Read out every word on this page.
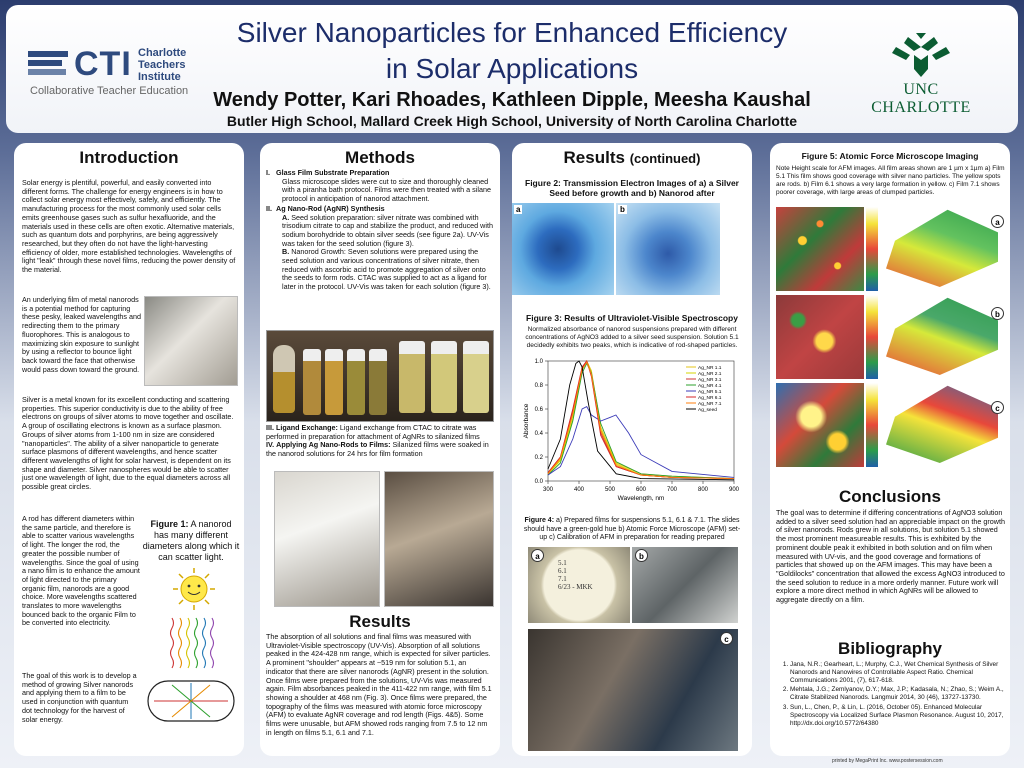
CTI Charlotte Teachers Institute
Collaborative Teacher Education
Silver Nanoparticles for Enhanced Efficiency
in Solar Applications
Wendy Potter, Kari Rhoades, Kathleen Dipple, Meesha Kaushal
Butler High School, Mallard Creek High School, University of North Carolina Charlotte
UNC CHARLOTTE
Introduction
Solar energy is plentiful, powerful, and easily converted into different forms. The challenge for energy engineers is in how to collect solar energy most effectively, safely, and efficiently. The manufacturing process for the most commonly used solar cells emits greenhouse gases such as sulfur hexafluoride, and the materials used in these cells are often exotic. Alternative materials, such as quantum dots and porphyrins, are being aggressively researched, but they often do not have the light-harvesting efficiency of older, more established technologies. Wavelengths of light "leak" through these novel films, reducing the power density of the material.
An underlying film of metal nanorods is a potential method for capturing these pesky, leaked wavelengths and redirecting them to the primary fluorophores. This is analogous to maximizing skin exposure to sunlight by using a reflector to bounce light back toward the face that otherwise would pass down toward the ground.
Silver is a metal known for its excellent conducting and scattering properties. This superior conductivity is due to the ability of free electrons on groups of silver atoms to move together and oscillate. A group of oscillating electrons is known as a surface plasmon. Groups of silver atoms from 1-100 nm in size are considered "nanoparticles". The ability of a silver nanoparticle to generate surface plasmons of different wavelengths, and hence scatter different wavelengths of light for solar harvest, is dependent on its shape and diameter. Silver nanospheres would be able to scatter just one wavelength of light, due to the equal diameters across all possible great circles.
A rod has different diameters within the same particle, and therefore is able to scatter various wavelengths of light. The longer the rod, the greater the possible number of wavelengths. Since the goal of using a nano film is to enhance the amount of light directed to the primary organic film, nanorods are a good choice. More wavelengths scattered translates to more wavelengths bounced back to the organic Film to be converted into electricity.
Figure 1: A nanorod has many different diameters along which it can scatter light.
The goal of this work is to develop a method of growing Silver nanorods and applying them to a film to be used in conjunction with quantum dot technology for the harvest of solar energy.
Methods
I. Glass Film Substrate Preparation
Glass microscope slides were cut to size and thoroughly cleaned with a piranha bath protocol. Films were then treated with a silane protocol in anticipation of nanorod attachment.
II. Ag Nano-Rod (AgNR) Synthesis
A. Seed solution preparation: silver nitrate was combined with trisodium citrate to cap and stabilize the product, and reduced with sodium borohydride to obtain silver seeds (see figure 2a). UV-Vis was taken for the seed solution (figure 3).
B. Nanorod Growth: Seven solutions were prepared using the seed solution and various concentrations of silver nitrate, then reduced with ascorbic acid to promote aggregation of silver onto the seeds to form rods. CTAC was supplied to act as a ligand for later in the protocol. UV-Vis was taken for each solution (figure 3).
III. Ligand Exchange: Ligand exchange from CTAC to citrate was performed in preparation for attachment of AgNRs to silanized films
IV. Applying Ag Nano-Rods to Films: Silanized films were soaked in the nanorod solutions for 24 hrs for film formation
Results
The absorption of all solutions and final films was measured with Ultraviolet-Visible spectroscopy (UV-Vis). Absorption of all solutions peaked in the 424-428 nm range, which is expected for silver particles. A prominent "shoulder" appears at ~519 nm for solution 5.1, an indicator that there are silver nanorods (AgNR) present in the solution. Once films were prepared from the solutions, UV-Vis was measured again. Film absorbances peaked in the 411-422 nm range, with film 5.1 showing a shoulder at 468 nm (Fig. 3). Once films were prepared, the topography of the films was measured with atomic force microscopy (AFM) to evaluate AgNR coverage and rod length (Figs. 4&5). Some films were unusable, but AFM showed rods ranging from 7.5 to 12 nm in length on films 5.1, 6.1 and 7.1.
Results (continued)
Figure 2: Transmission Electron Images of a) a Silver Seed before growth and b) Nanorod after
a	b
Figure 3: Results of Ultraviolet-Visible Spectroscopy
Normalized absorbance of nanorod suspensions prepared with different concentrations of AgNO3 added to a silver seed suspension. Solution 5.1 decidedly exhibits two peaks, which is indicative of rod-shaped particles.
300	400	500	600	700	800	900
0.0
0.2
0.4
0.6
0.8
1.0
Wavelength, nm
Absorbance
Ag_NR 1.1
Ag_NR 2.1
Ag_NR 3.1
Ag_NR 4.1
Ag_NR 5.1
Ag_NR 6.1
Ag_NR 7.1
Ag_seed
Figure 4: a) Prepared films for suspensions 5.1, 6.1 & 7.1. The slides should have a green-gold hue b) Atomic Force Microscope (AFM) set-up c) Calibration of AFM in preparation for reading prepared
5.1
6.1
7.1
6/23 - MKK
a	b
c
Figure 5: Atomic Force Microscope Imaging
Note Height scale for AFM images. All film areas shown are 1 µm x 1µm a) Film 5.1 This film shows good coverage with silver nano particles. The yellow spots are rods. b) Film 6.1 shows a very large formation in yellow. c) Film 7.1 shows poorer coverage, with large areas of clumped particles.
a
b
c
Conclusions
The goal was to determine if differing concentrations of AgNO3 solution added to a silver seed solution had an appreciable impact on the growth of silver nanorods. Rods grew in all solutions, but solution 5.1 showed the most prominent measureable results. This is exhibited by the prominent double peak it exhibited in both solution and on film when measured with UV-vis, and the good coverage and formations of particles that showed up on the AFM images. This may have been a "Goldilocks" concentration that allowed the excess AgNO3 introduced to the seed solution to reduce in a more orderly manner. Future work will explore a more direct method in which AgNRs will be allowed to aggregate directly on a film.
Bibliography
1. Jana, N.R.; Gearheart, L.; Murphy, C.J., Wet Chemical Synthesis of Silver Nanorods and Nanowires of Controllable Aspect Ratio. Chemical Communications 2001, (7), 617-618.
2. Mehtala, J.G.; Zemlyanov, D.Y.; Max, J.P.; Kadasala, N.; Zhao, S.; Weim A., Citrate Stabilized Nanorods. Langmuir 2014, 30 (46), 13727-13730.
3. Sun, L., Chen, P., & Lin, L. (2016, October 05). Enhanced Molecular Spectroscopy via Localized Surface Plasmon Resonance. August 10, 2017, http://dx.doi.org/10.5772/64380
printed by MegaPrint Inc. www.postersession.com
